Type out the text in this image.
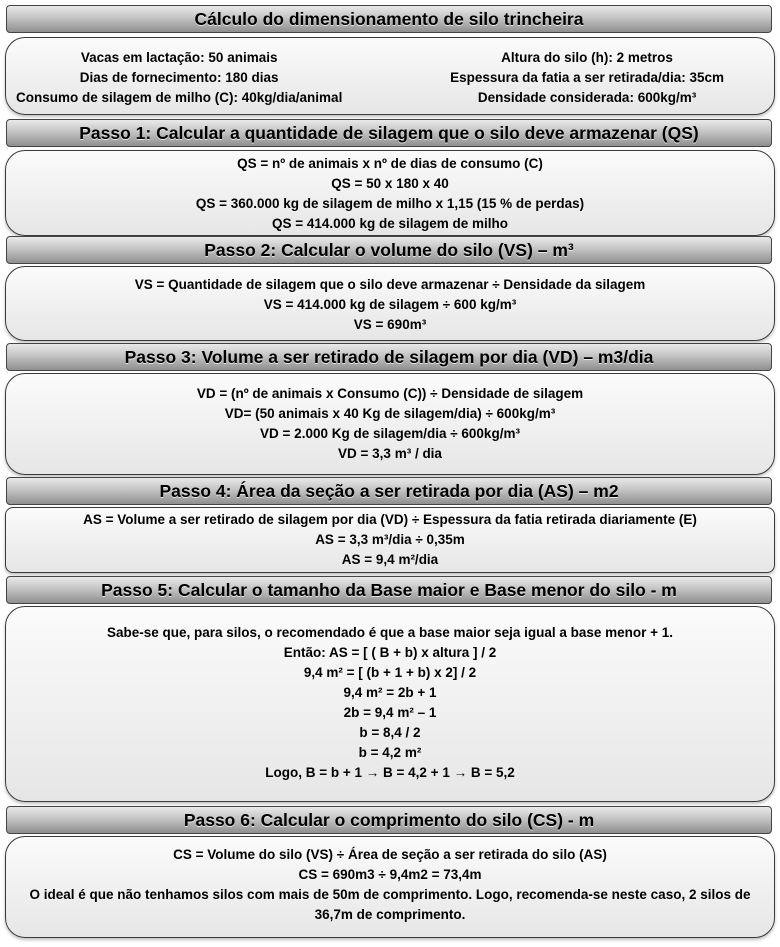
Cálculo do dimensionamento de silo trincheira
Vacas em lactação: 50 animais
Dias de fornecimento: 180 dias
Consumo de silagem de milho (C): 40kg/dia/animal
Altura do silo (h): 2 metros
Espessura da fatia a ser retirada/dia: 35cm
Densidade considerada: 600kg/m³
Passo 1: Calcular a quantidade de silagem que o silo deve armazenar (QS)
QS = nº de animais x nº de dias de consumo (C)
QS = 50 x 180 x 40
QS = 360.000 kg de silagem de milho x 1,15 (15 % de perdas)
QS = 414.000 kg de silagem de milho
Passo 2: Calcular o volume do silo (VS) – m³
VS = Quantidade de silagem que o silo deve armazenar ÷ Densidade da silagem
VS = 414.000 kg de silagem ÷ 600 kg/m³
VS = 690m³
Passo 3: Volume a ser retirado de silagem por dia (VD) – m3/dia
VD = (nº de animais x Consumo (C)) ÷ Densidade de silagem
VD= (50 animais x 40 Kg de silagem/dia) ÷ 600kg/m³
VD = 2.000 Kg de silagem/dia ÷ 600kg/m³
VD = 3,3 m³ / dia
Passo 4: Área da seção a ser retirada por dia (AS) – m2
AS = Volume a ser retirado de silagem por dia (VD) ÷ Espessura da fatia retirada diariamente (E)
AS = 3,3 m³/dia ÷ 0,35m
AS = 9,4 m²/dia
Passo 5: Calcular o tamanho da Base maior e Base menor do silo - m
Sabe-se que, para silos, o recomendado é que a base maior seja igual a base menor + 1.
Então: AS = [ ( B + b) x altura ] / 2
9,4 m² = [ (b + 1 + b) x 2] / 2
9,4 m² = 2b + 1
2b = 9,4 m² – 1
b = 8,4 / 2
b = 4,2 m²
Logo, B = b + 1 → B = 4,2 + 1 → B = 5,2
Passo 6: Calcular o comprimento do silo (CS) - m
CS = Volume do silo (VS) ÷ Área de seção a ser retirada do silo (AS)
CS = 690m3 ÷ 9,4m2 = 73,4m
O ideal é que não tenhamos silos com mais de 50m de comprimento. Logo, recomenda-se neste caso, 2 silos de 36,7m de comprimento.
